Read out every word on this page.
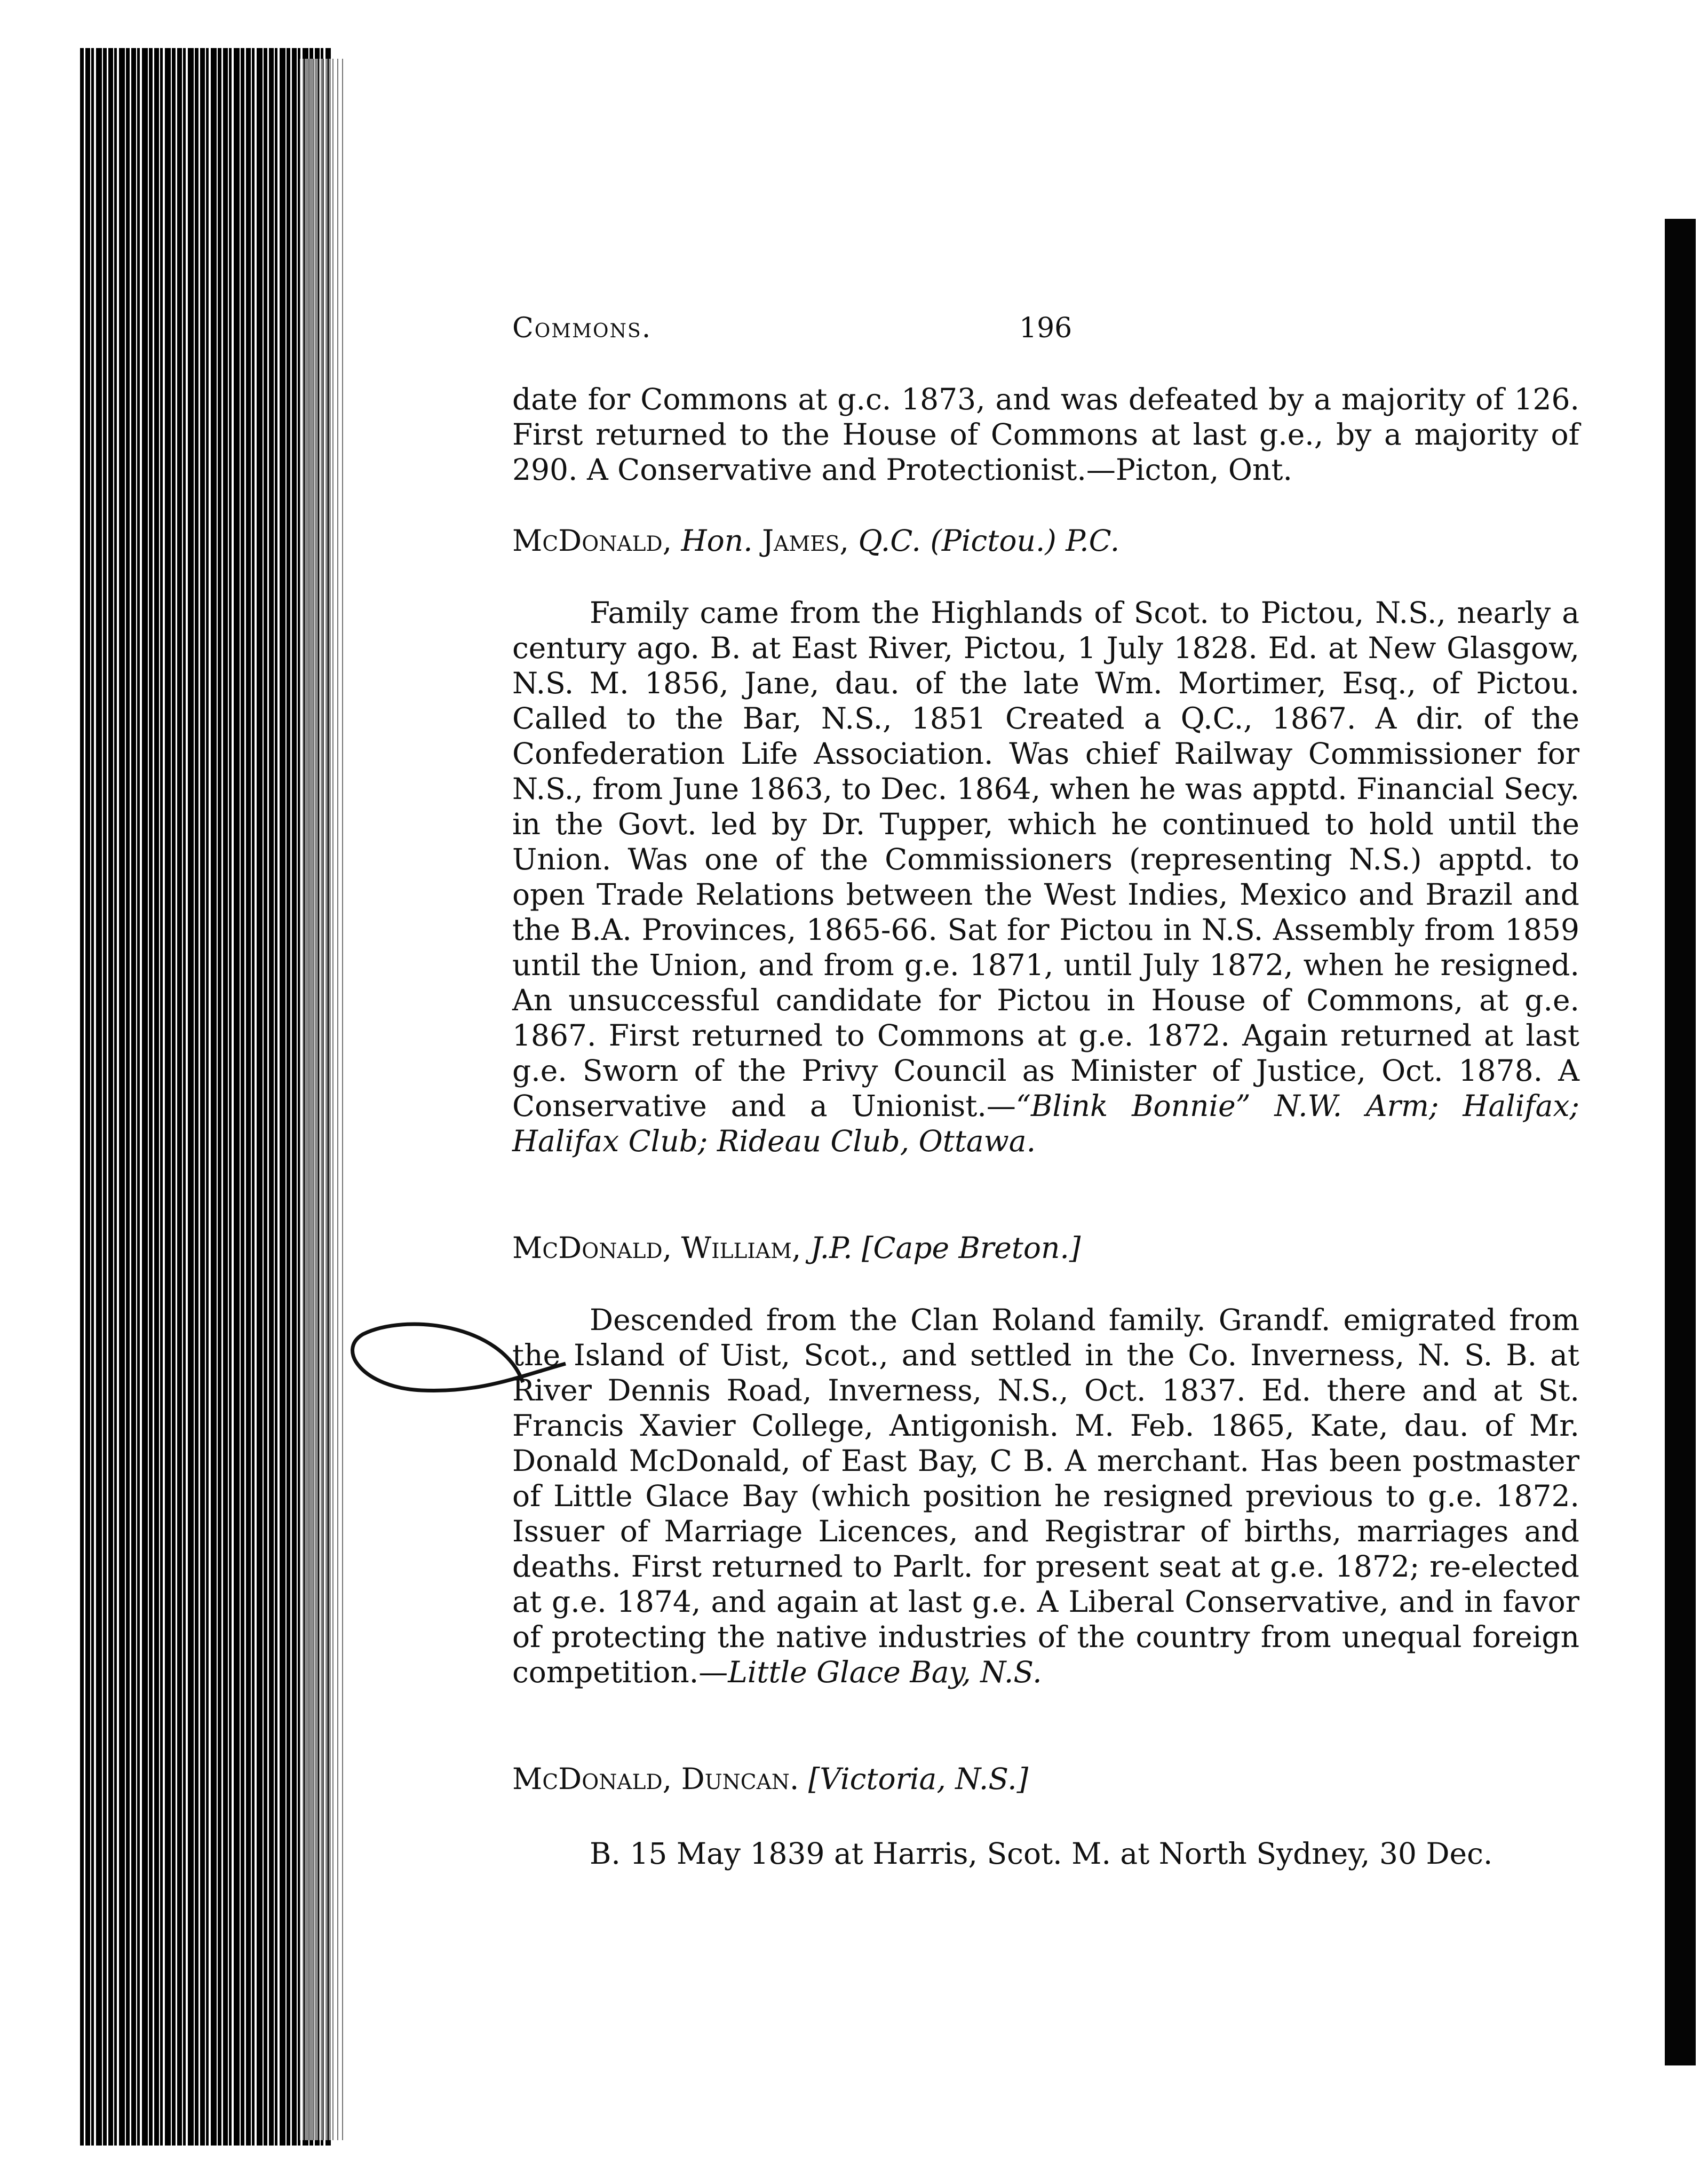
Commons.	196

date for Commons at g.c. 1873, and was defeated by a majority of 126. First returned to the House of Commons at last g.e., by a majority of 290. A Conservative and Protectionist.—Picton, Ont.

McDonald, Hon. James, Q.C. (Pictou.) P.C.

Family came from the Highlands of Scot. to Pictou, N.S., nearly a century ago. B. at East River, Pictou, 1 July 1828. Ed. at New Glasgow, N.S. M. 1856, Jane, dau. of the late Wm. Mortimer, Esq., of Pictou. Called to the Bar, N.S., 1851 Created a Q.C., 1867. A dir. of the Confederation Life Association. Was chief Railway Commissioner for N.S., from June 1863, to Dec. 1864, when he was apptd. Financial Secy. in the Govt. led by Dr. Tupper, which he continued to hold until the Union. Was one of the Commissioners (representing N.S.) apptd. to open Trade Relations between the West Indies, Mexico and Brazil and the B.A. Provinces, 1865-66. Sat for Pictou in N.S. Assembly from 1859 until the Union, and from g.e. 1871, until July 1872, when he resigned. An unsuccessful candidate for Pictou in House of Commons, at g.e. 1867. First returned to Commons at g.e. 1872. Again returned at last g.e. Sworn of the Privy Council as Minister of Justice, Oct. 1878. A Conservative and a Unionist.—“Blink Bonnie” N.W. Arm; Halifax; Halifax Club; Rideau Club, Ottawa.

McDonald, William, J.P. [Cape Breton.]

Descended from the Clan Roland family. Grandf. emigrated from the Island of Uist, Scot., and settled in the Co. Inverness, N. S. B. at River Dennis Road, Inverness, N.S., Oct. 1837. Ed. there and at St. Francis Xavier College, Antigonish. M. Feb. 1865, Kate, dau. of Mr. Donald McDonald, of East Bay, C B. A merchant. Has been postmaster of Little Glace Bay (which position he resigned previous to g.e. 1872. Issuer of Marriage Licences, and Registrar of births, marriages and deaths. First returned to Parlt. for present seat at g.e. 1872; re-elected at g.e. 1874, and again at last g.e. A Liberal Conservative, and in favor of protecting the native industries of the country from unequal foreign competition.—Little Glace Bay, N.S.

McDonald, Duncan. [Victoria, N.S.]

B. 15 May 1839 at Harris, Scot. M. at North Sydney, 30 Dec.
